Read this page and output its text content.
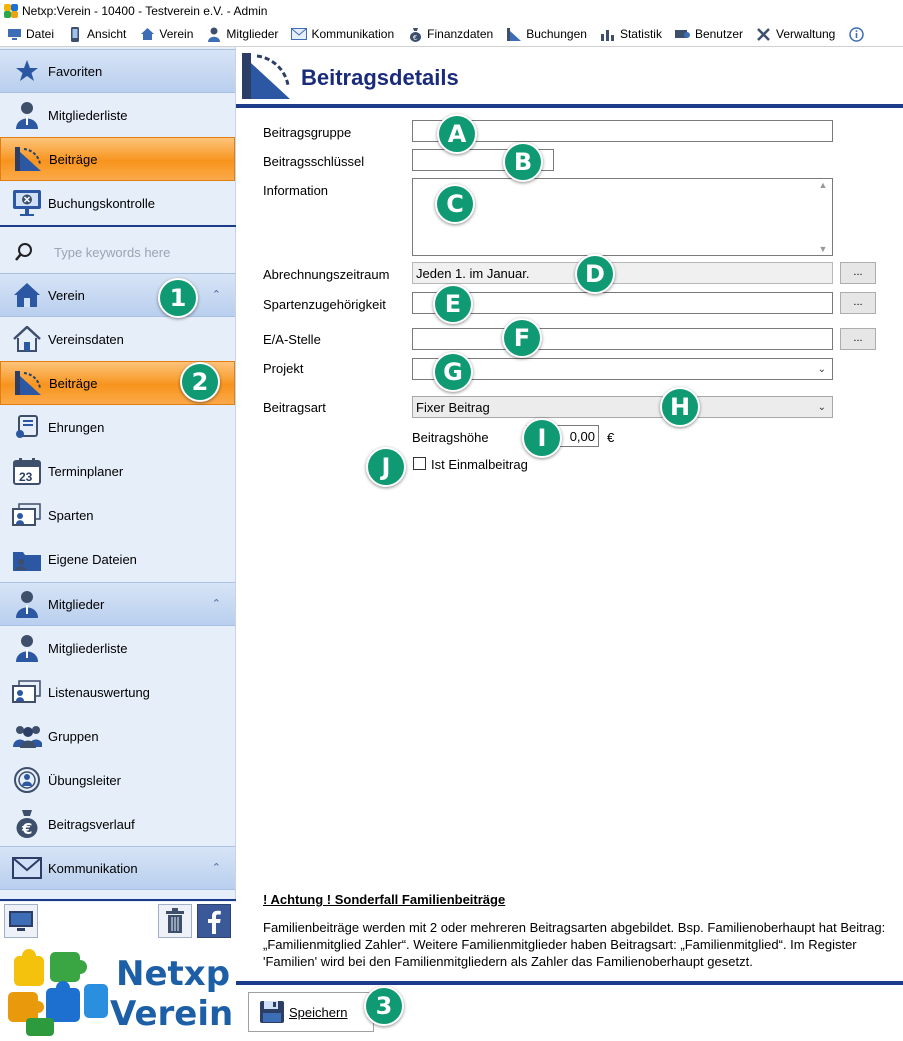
Netxp:Verein - 10400 - Testverein e.V. - Admin
Datei	Ansicht	Verein	Mitglieder	Kommunikation	€ Finanzdaten	Buchungen	Statistik	Benutzer	Verwaltung
Favoriten
Mitgliederliste
Beiträge
Buchungskontrolle
Type keywords here
Verein	⌃
Vereinsdaten
Beiträge
Ehrungen
23 Terminplaner
Sparten
Eigene Dateien
Mitglieder	⌃
Mitgliederliste
Listenauswertung
Gruppen
Übungsleiter
€ Beitragsverlauf
Kommunikation	⌃
Netxp
Verein
Beitragsdetails
Beitragsgruppe
Beitragsschlüssel
Information	▲
▼
Abrechnungszeitraum	Jeden 1. im Januar.	...
Spartenzugehörigkeit	...
E/A-Stelle	...
Projekt	⌄
Beitragsart	Fixer Beitrag	⌄
Beitragshöhe	0,00 €
Ist Einmalbeitrag
! Achtung ! Sonderfall Familienbeiträge
Familienbeiträge werden mit 2 oder mehreren Beitragsarten abgebildet. Bsp. Familienoberhaupt hat Beitrag: „Familienmitglied Zahler“. Weitere Familienmitglieder haben Beitragsart: „Familienmitglied“. Im Register 'Familien' wird bei den Familienmitgliedern als Zahler das Familienoberhaupt gesetzt.
Speichern
A
B
C
D
E
F
G
H
I
J
1
2
3
